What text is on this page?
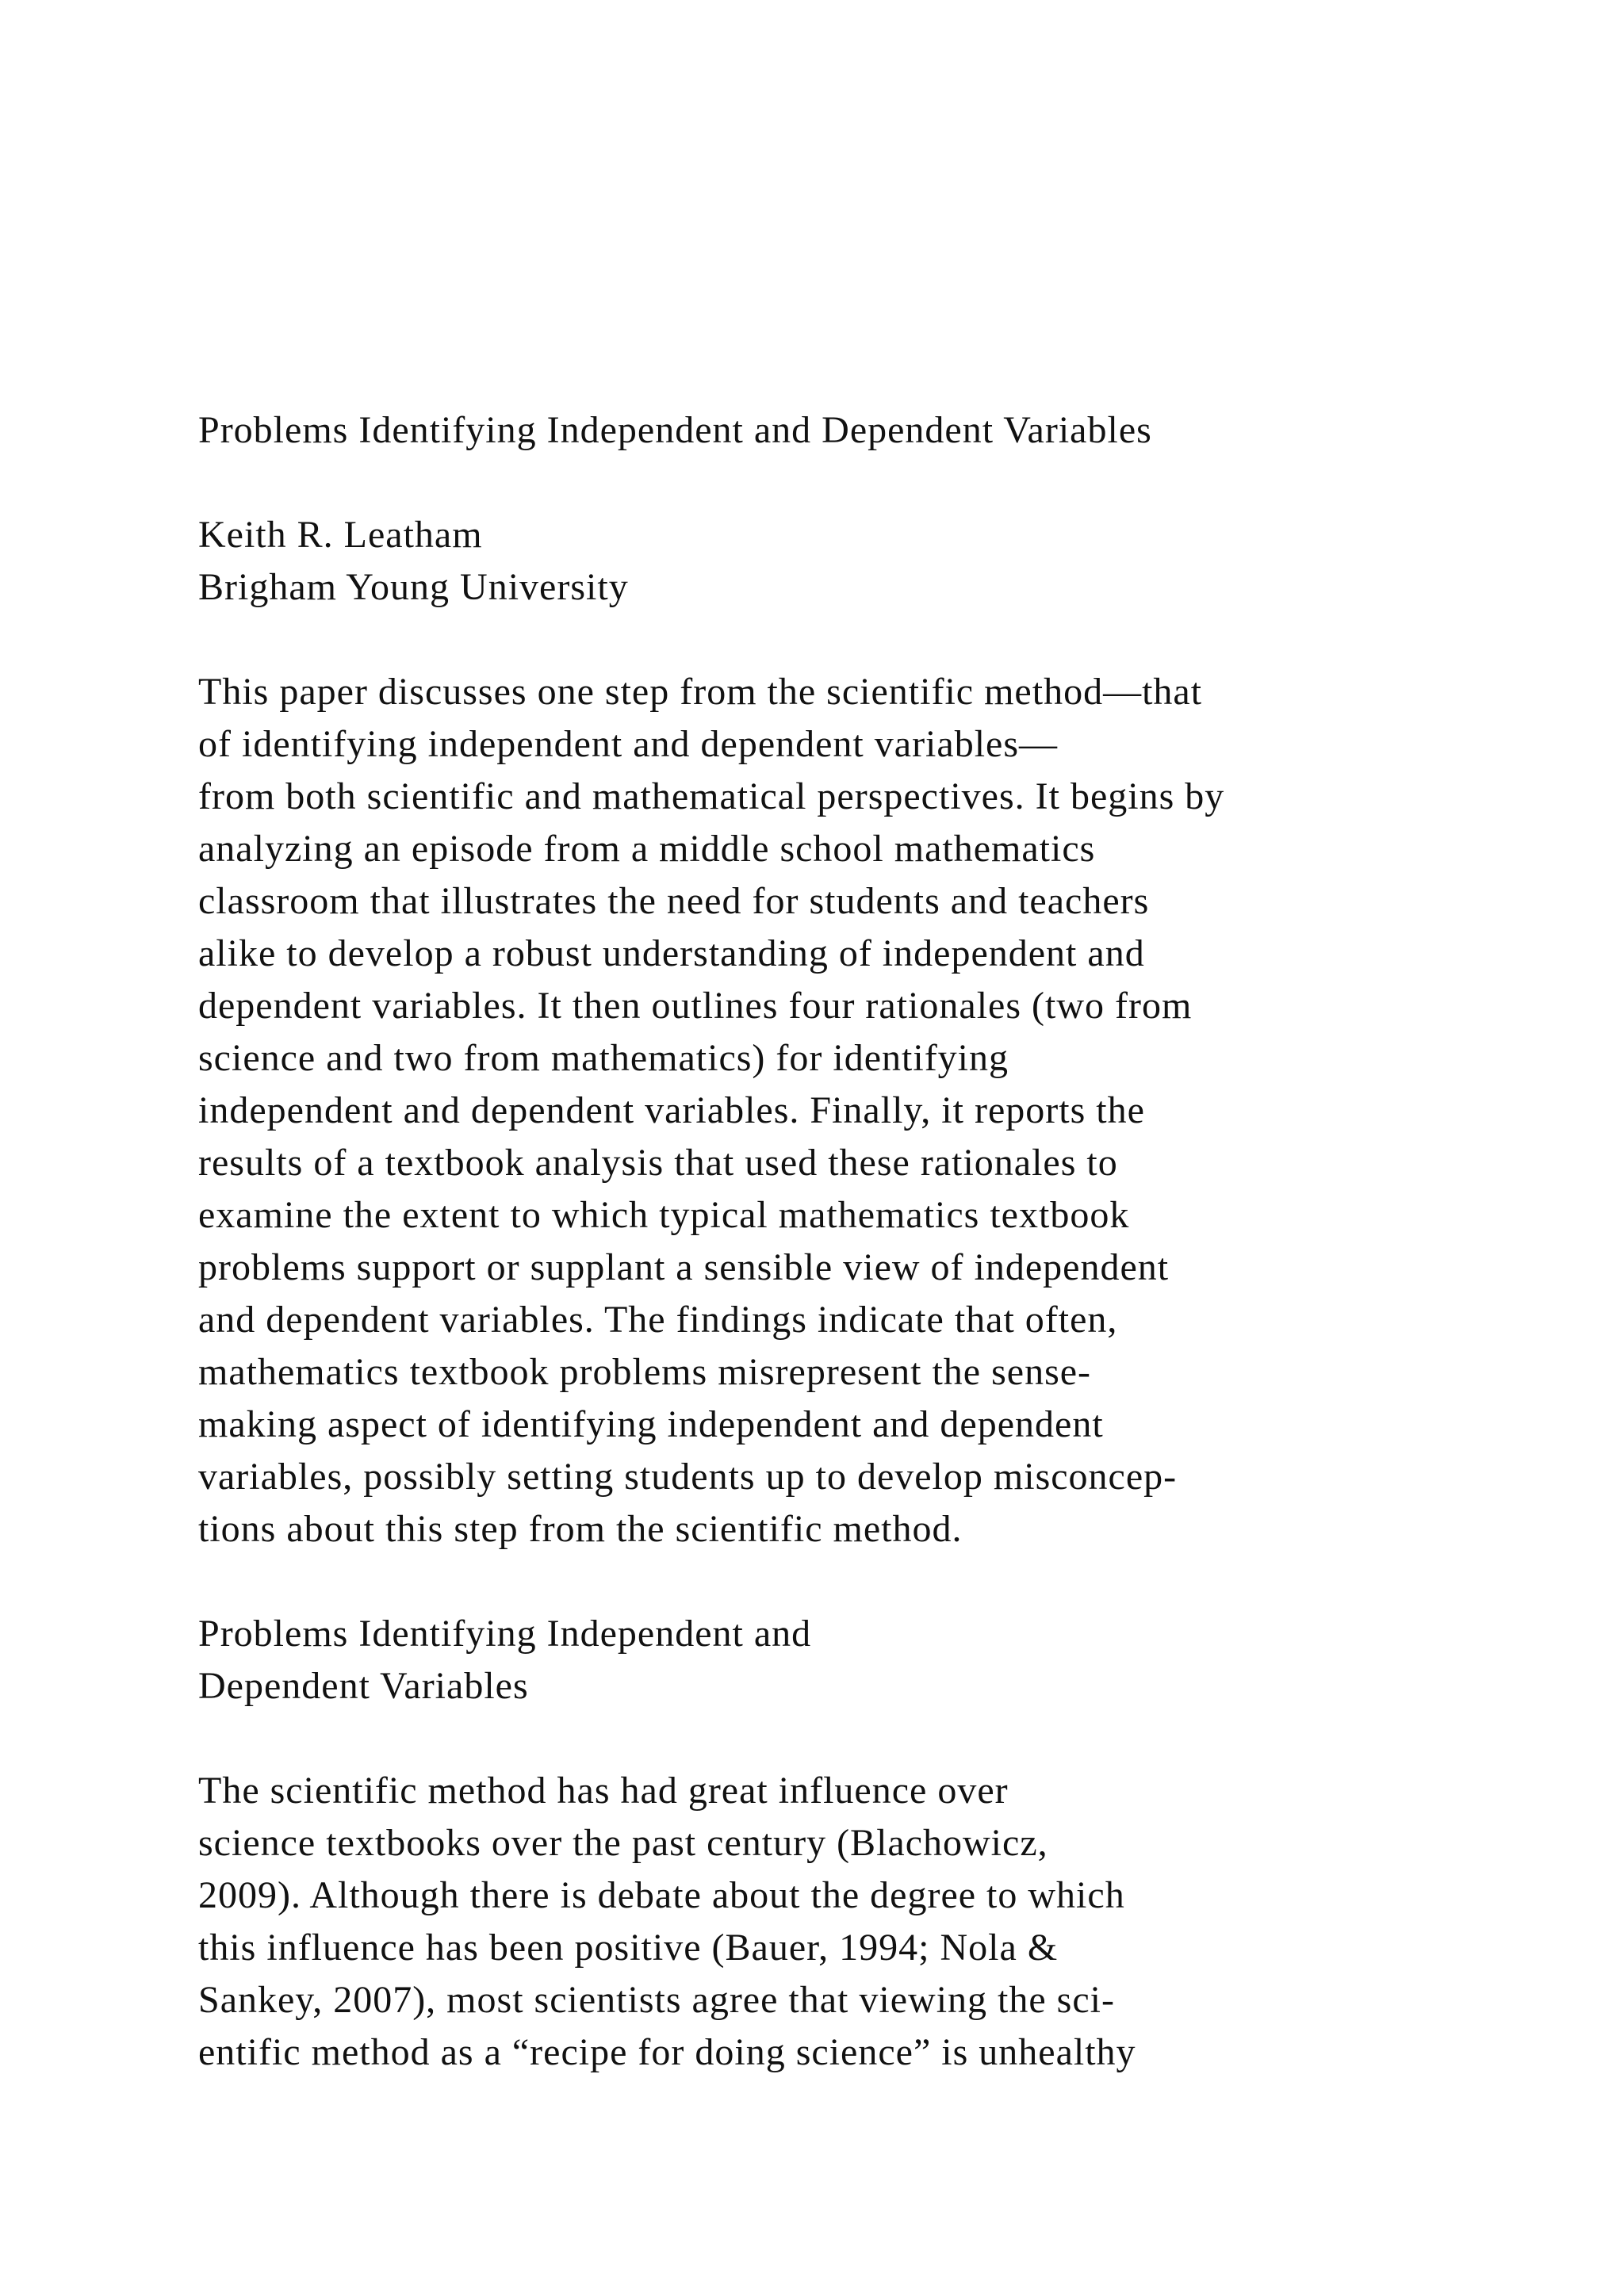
Problems Identifying Independent and Dependent Variables
Keith R. Leatham
Brigham Young University
This paper discusses one step from the scientific method—that
of identifying independent and dependent variables—
from both scientific and mathematical perspectives. It begins by
analyzing an episode from a middle school mathematics
classroom that illustrates the need for students and teachers
alike to develop a robust understanding of independent and
dependent variables. It then outlines four rationales (two from
science and two from mathematics) for identifying
independent and dependent variables. Finally, it reports the
results of a textbook analysis that used these rationales to
examine the extent to which typical mathematics textbook
problems support or supplant a sensible view of independent
and dependent variables. The findings indicate that often,
mathematics textbook problems misrepresent the sense-
making aspect of identifying independent and dependent
variables, possibly setting students up to develop misconcep-
tions about this step from the scientific method.
Problems Identifying Independent and
Dependent Variables
The scientific method has had great influence over
science textbooks over the past century (Blachowicz,
2009). Although there is debate about the degree to which
this influence has been positive (Bauer, 1994; Nola &
Sankey, 2007), most scientists agree that viewing the sci-
entific method as a “recipe for doing science” is unhealthy
